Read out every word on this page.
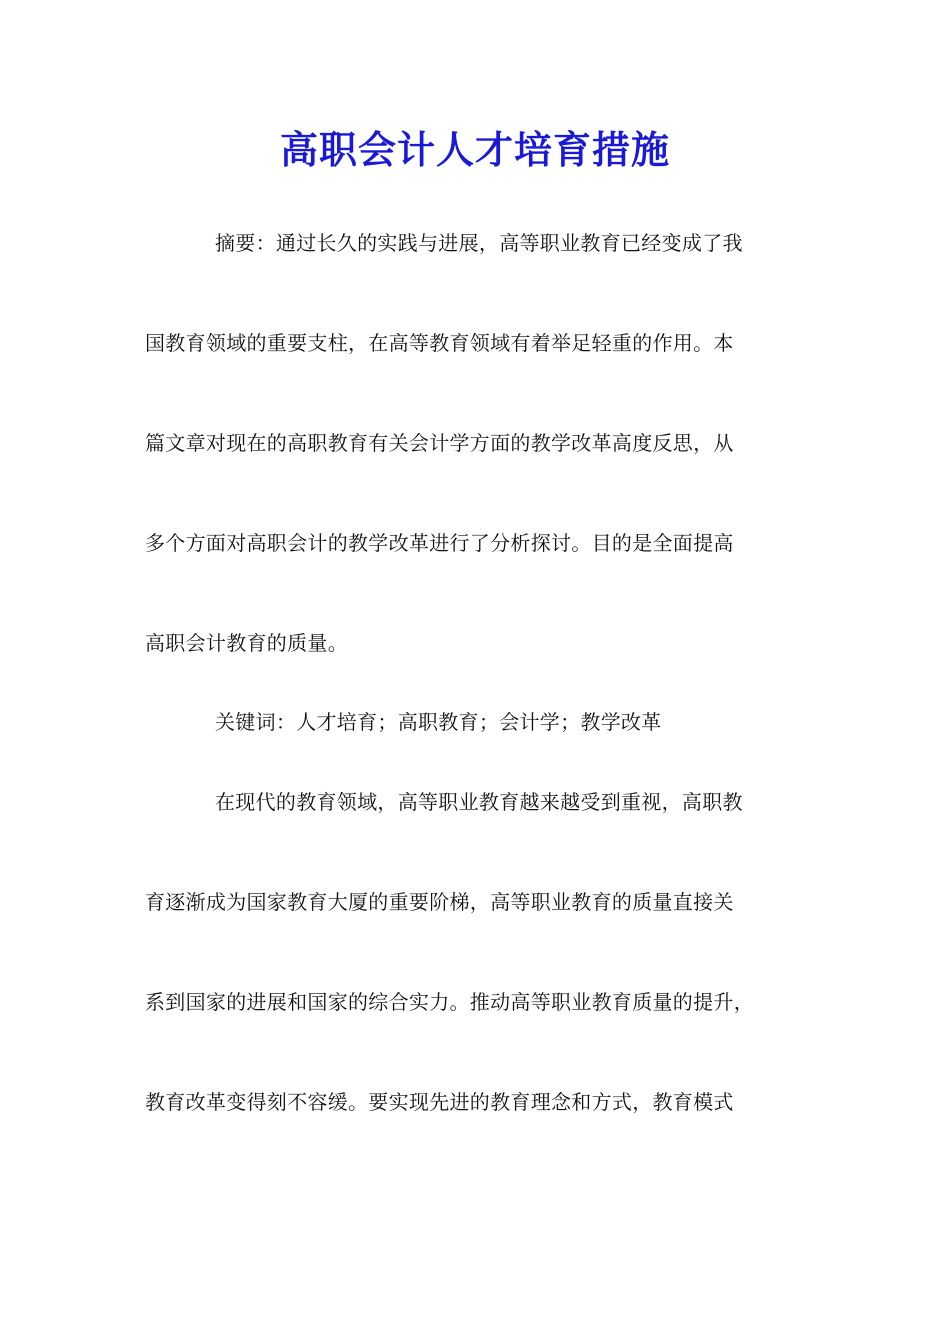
高职会计人才培育措施

摘要：通过长久的实践与进展，高等职业教育已经变成了我

国教育领域的重要支柱，在高等教育领域有着举足轻重的作用。本

篇文章对现在的高职教育有关会计学方面的教学改革高度反思，从

多个方面对高职会计的教学改革进行了分析探讨。目的是全面提高

高职会计教育的质量。

关键词：人才培育；高职教育；会计学；教学改革

在现代的教育领域，高等职业教育越来越受到重视，高职教

育逐渐成为国家教育大厦的重要阶梯，高等职业教育的质量直接关

系到国家的进展和国家的综合实力。推动高等职业教育质量的提升，

教育改革变得刻不容缓。要实现先进的教育理念和方式，教育模式
